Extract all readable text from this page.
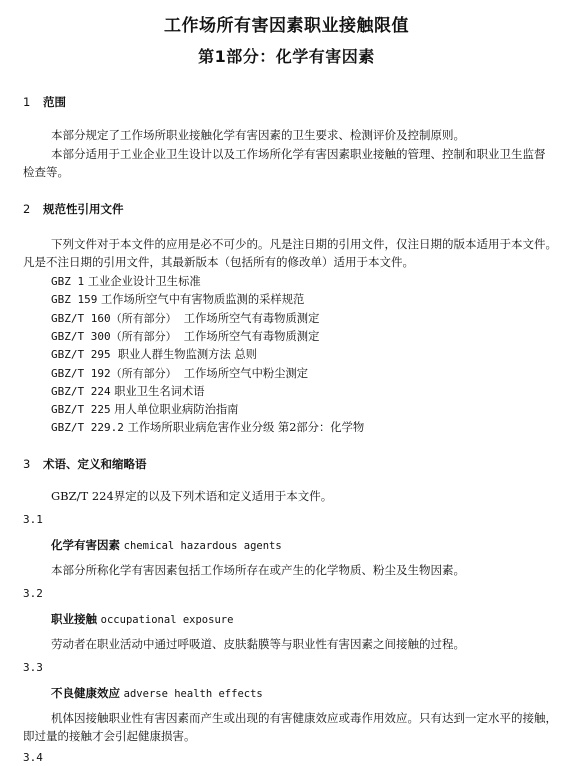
工作场所有害因素职业接触限值
第1部分：化学有害因素
1 范围
本部分规定了工作场所职业接触化学有害因素的卫生要求、检测评价及控制原则。
本部分适用于工业企业卫生设计以及工作场所化学有害因素职业接触的管理、控制和职业卫生监督
检查等。
2 规范性引用文件
下列文件对于本文件的应用是必不可少的。凡是注日期的引用文件，仅注日期的版本适用于本文件。
凡是不注日期的引用文件，其最新版本（包括所有的修改单）适用于本文件。
GBZ 1 工业企业设计卫生标准
GBZ 159 工作场所空气中有害物质监测的采样规范
GBZ/T 160（所有部分） 工作场所空气有毒物质测定
GBZ/T 300（所有部分） 工作场所空气有毒物质测定
GBZ/T 295 职业人群生物监测方法 总则
GBZ/T 192（所有部分） 工作场所空气中粉尘测定
GBZ/T 224 职业卫生名词术语
GBZ/T 225 用人单位职业病防治指南
GBZ/T 229.2 工作场所职业病危害作业分级 第2部分：化学物
3 术语、定义和缩略语
GBZ/T 224界定的以及下列术语和定义适用于本文件。
3.1
化学有害因素 chemical hazardous agents
本部分所称化学有害因素包括工作场所存在或产生的化学物质、粉尘及生物因素。
3.2
职业接触 occupational exposure
劳动者在职业活动中通过呼吸道、皮肤黏膜等与职业性有害因素之间接触的过程。
3.3
不良健康效应 adverse health effects
机体因接触职业性有害因素而产生或出现的有害健康效应或毒作用效应。只有达到一定水平的接触，
即过量的接触才会引起健康损害。
3.4
